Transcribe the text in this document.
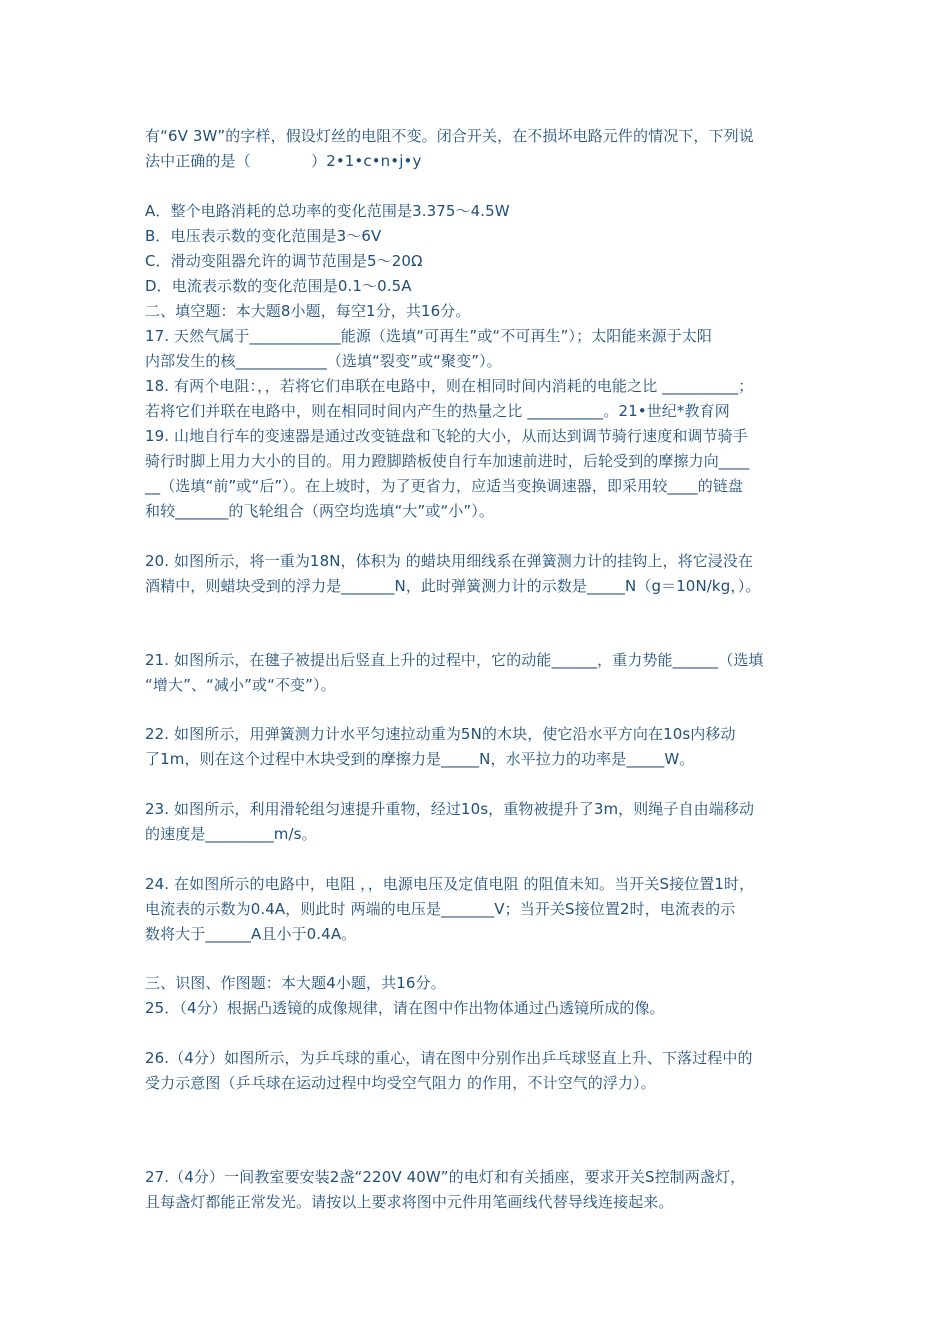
有“6V 3W”的字样，假设灯丝的电阻不变。闭合开关，在不损坏电路元件的情况下，下列说

法中正确的是（　　　　）2•1•c•n•j•y

A．整个电路消耗的总功率的变化范围是3.375～4.5W

B．电压表示数的变化范围是3～6V

C．滑动变阻器允许的调节范围是5～20Ω

D．电流表示数的变化范围是0.1～0.5A

二、填空题：本大题8小题，每空1分，共16分。

17. 天然气属于____________能源（选填“可再生”或“不可再生”）；太阳能来源于太阳

内部发生的核____________（选填“裂变”或“聚变”）。

18. 有两个电阻：，，若将它们串联在电路中，则在相同时间内消耗的电能之比 __________；

若将它们并联在电路中，则在相同时间内产生的热量之比 __________。21•世纪*教育网

19. 山地自行车的变速器是通过改变链盘和飞轮的大小，从而达到调节骑行速度和调节骑手

骑行时脚上用力大小的目的。用力蹬脚踏板使自行车加速前进时，后轮受到的摩擦力向____

__（选填“前”或“后”）。在上坡时，为了更省力，应适当变换调速器，即采用较____的链盘

和较_______的飞轮组合（两空均选填“大”或“小”）。

20. 如图所示，将一重为18N，体积为 的蜡块用细线系在弹簧测力计的挂钩上，将它浸没在

酒精中，则蜡块受到的浮力是_______N，此时弹簧测力计的示数是_____N（g＝10N/kg，）。

21. 如图所示，在毽子被提出后竖直上升的过程中，它的动能______，重力势能______（选填

“增大”、“减小”或“不变”）。

22. 如图所示，用弹簧测力计水平匀速拉动重为5N的木块，使它沿水平方向在10s内移动

了1m，则在这个过程中木块受到的摩擦力是_____N，水平拉力的功率是_____W。

23. 如图所示，利用滑轮组匀速提升重物，经过10s，重物被提升了3m，则绳子自由端移动

的速度是_________m/s。

24. 在如图所示的电路中，电阻 ，，电源电压及定值电阻 的阻值未知。当开关S接位置1时，

电流表的示数为0.4A，则此时 两端的电压是_______V；当开关S接位置2时，电流表的示

数将大于______A且小于0.4A。

三、识图、作图题：本大题4小题，共16分。

25．（4分）根据凸透镜的成像规律，请在图中作出物体通过凸透镜所成的像。

26.（4分）如图所示，为乒乓球的重心，请在图中分别作出乒乓球竖直上升、下落过程中的

受力示意图（乒乓球在运动过程中均受空气阻力 的作用，不计空气的浮力）。

27.（4分）一间教室要安装2盏“220V 40W”的电灯和有关插座，要求开关S控制两盏灯，

且每盏灯都能正常发光。请按以上要求将图中元件用笔画线代替导线连接起来。
